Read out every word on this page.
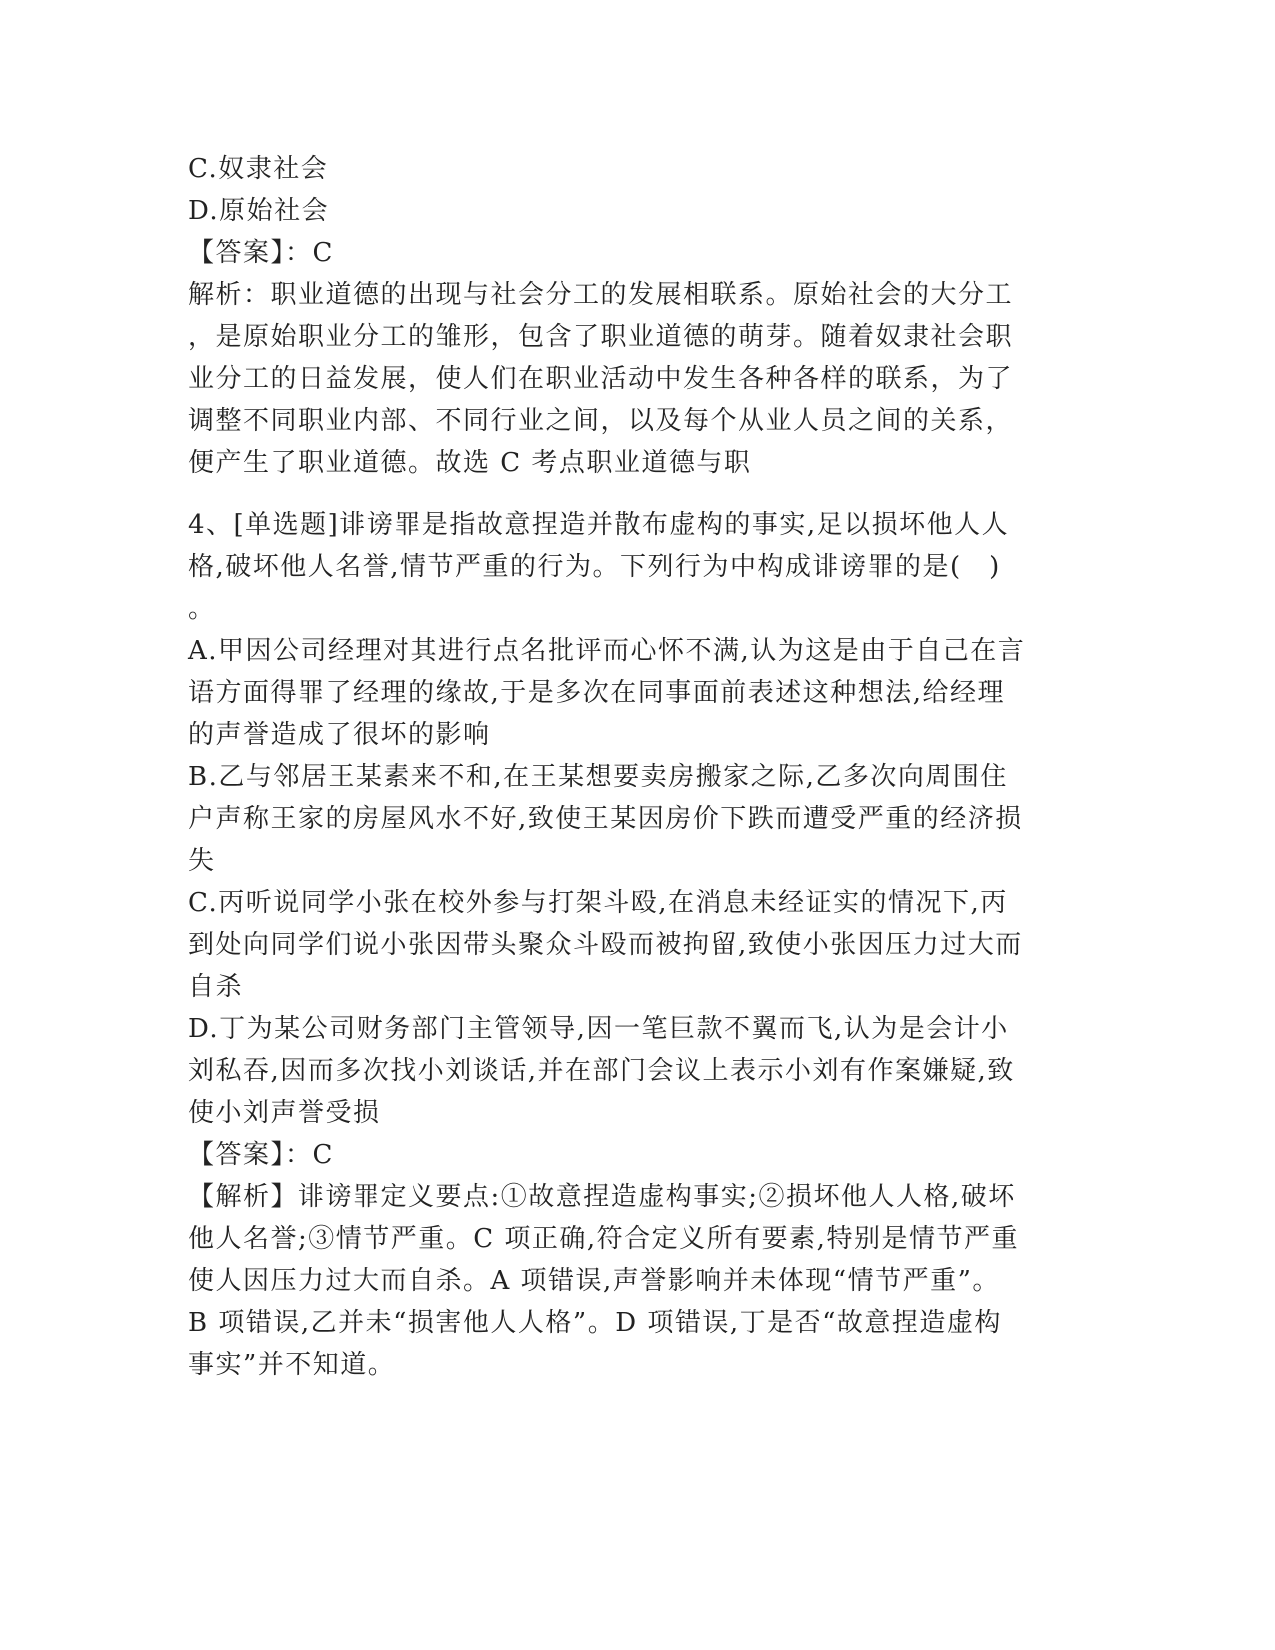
C.奴隶社会
D.原始社会
【答案】：C
解析：职业道德的出现与社会分工的发展相联系。原始社会的大分工
，是原始职业分工的雏形，包含了职业道德的萌芽。随着奴隶社会职
业分工的日益发展，使人们在职业活动中发生各种各样的联系，为了
调整不同职业内部、不同行业之间，以及每个从业人员之间的关系，
便产生了职业道德。故选 C 考点职业道德与职
4、[单选题]诽谤罪是指故意捏造并散布虚构的事实,足以损坏他人人
格,破坏他人名誉,情节严重的行为。下列行为中构成诽谤罪的是(　)
。
A.甲因公司经理对其进行点名批评而心怀不满,认为这是由于自己在言
语方面得罪了经理的缘故,于是多次在同事面前表述这种想法,给经理
的声誉造成了很坏的影响
B.乙与邻居王某素来不和,在王某想要卖房搬家之际,乙多次向周围住
户声称王家的房屋风水不好,致使王某因房价下跌而遭受严重的经济损
失
C.丙听说同学小张在校外参与打架斗殴,在消息未经证实的情况下,丙
到处向同学们说小张因带头聚众斗殴而被拘留,致使小张因压力过大而
自杀
D.丁为某公司财务部门主管领导,因一笔巨款不翼而飞,认为是会计小
刘私吞,因而多次找小刘谈话,并在部门会议上表示小刘有作案嫌疑,致
使小刘声誉受损
【答案】：C
【解析】诽谤罪定义要点:①故意捏造虚构事实;②损坏他人人格,破坏
他人名誉;③情节严重。C 项正确,符合定义所有要素,特别是情节严重
使人因压力过大而自杀。A 项错误,声誉影响并未体现“情节严重”。
B 项错误,乙并未“损害他人人格”。D 项错误,丁是否“故意捏造虚构
事实”并不知道。
